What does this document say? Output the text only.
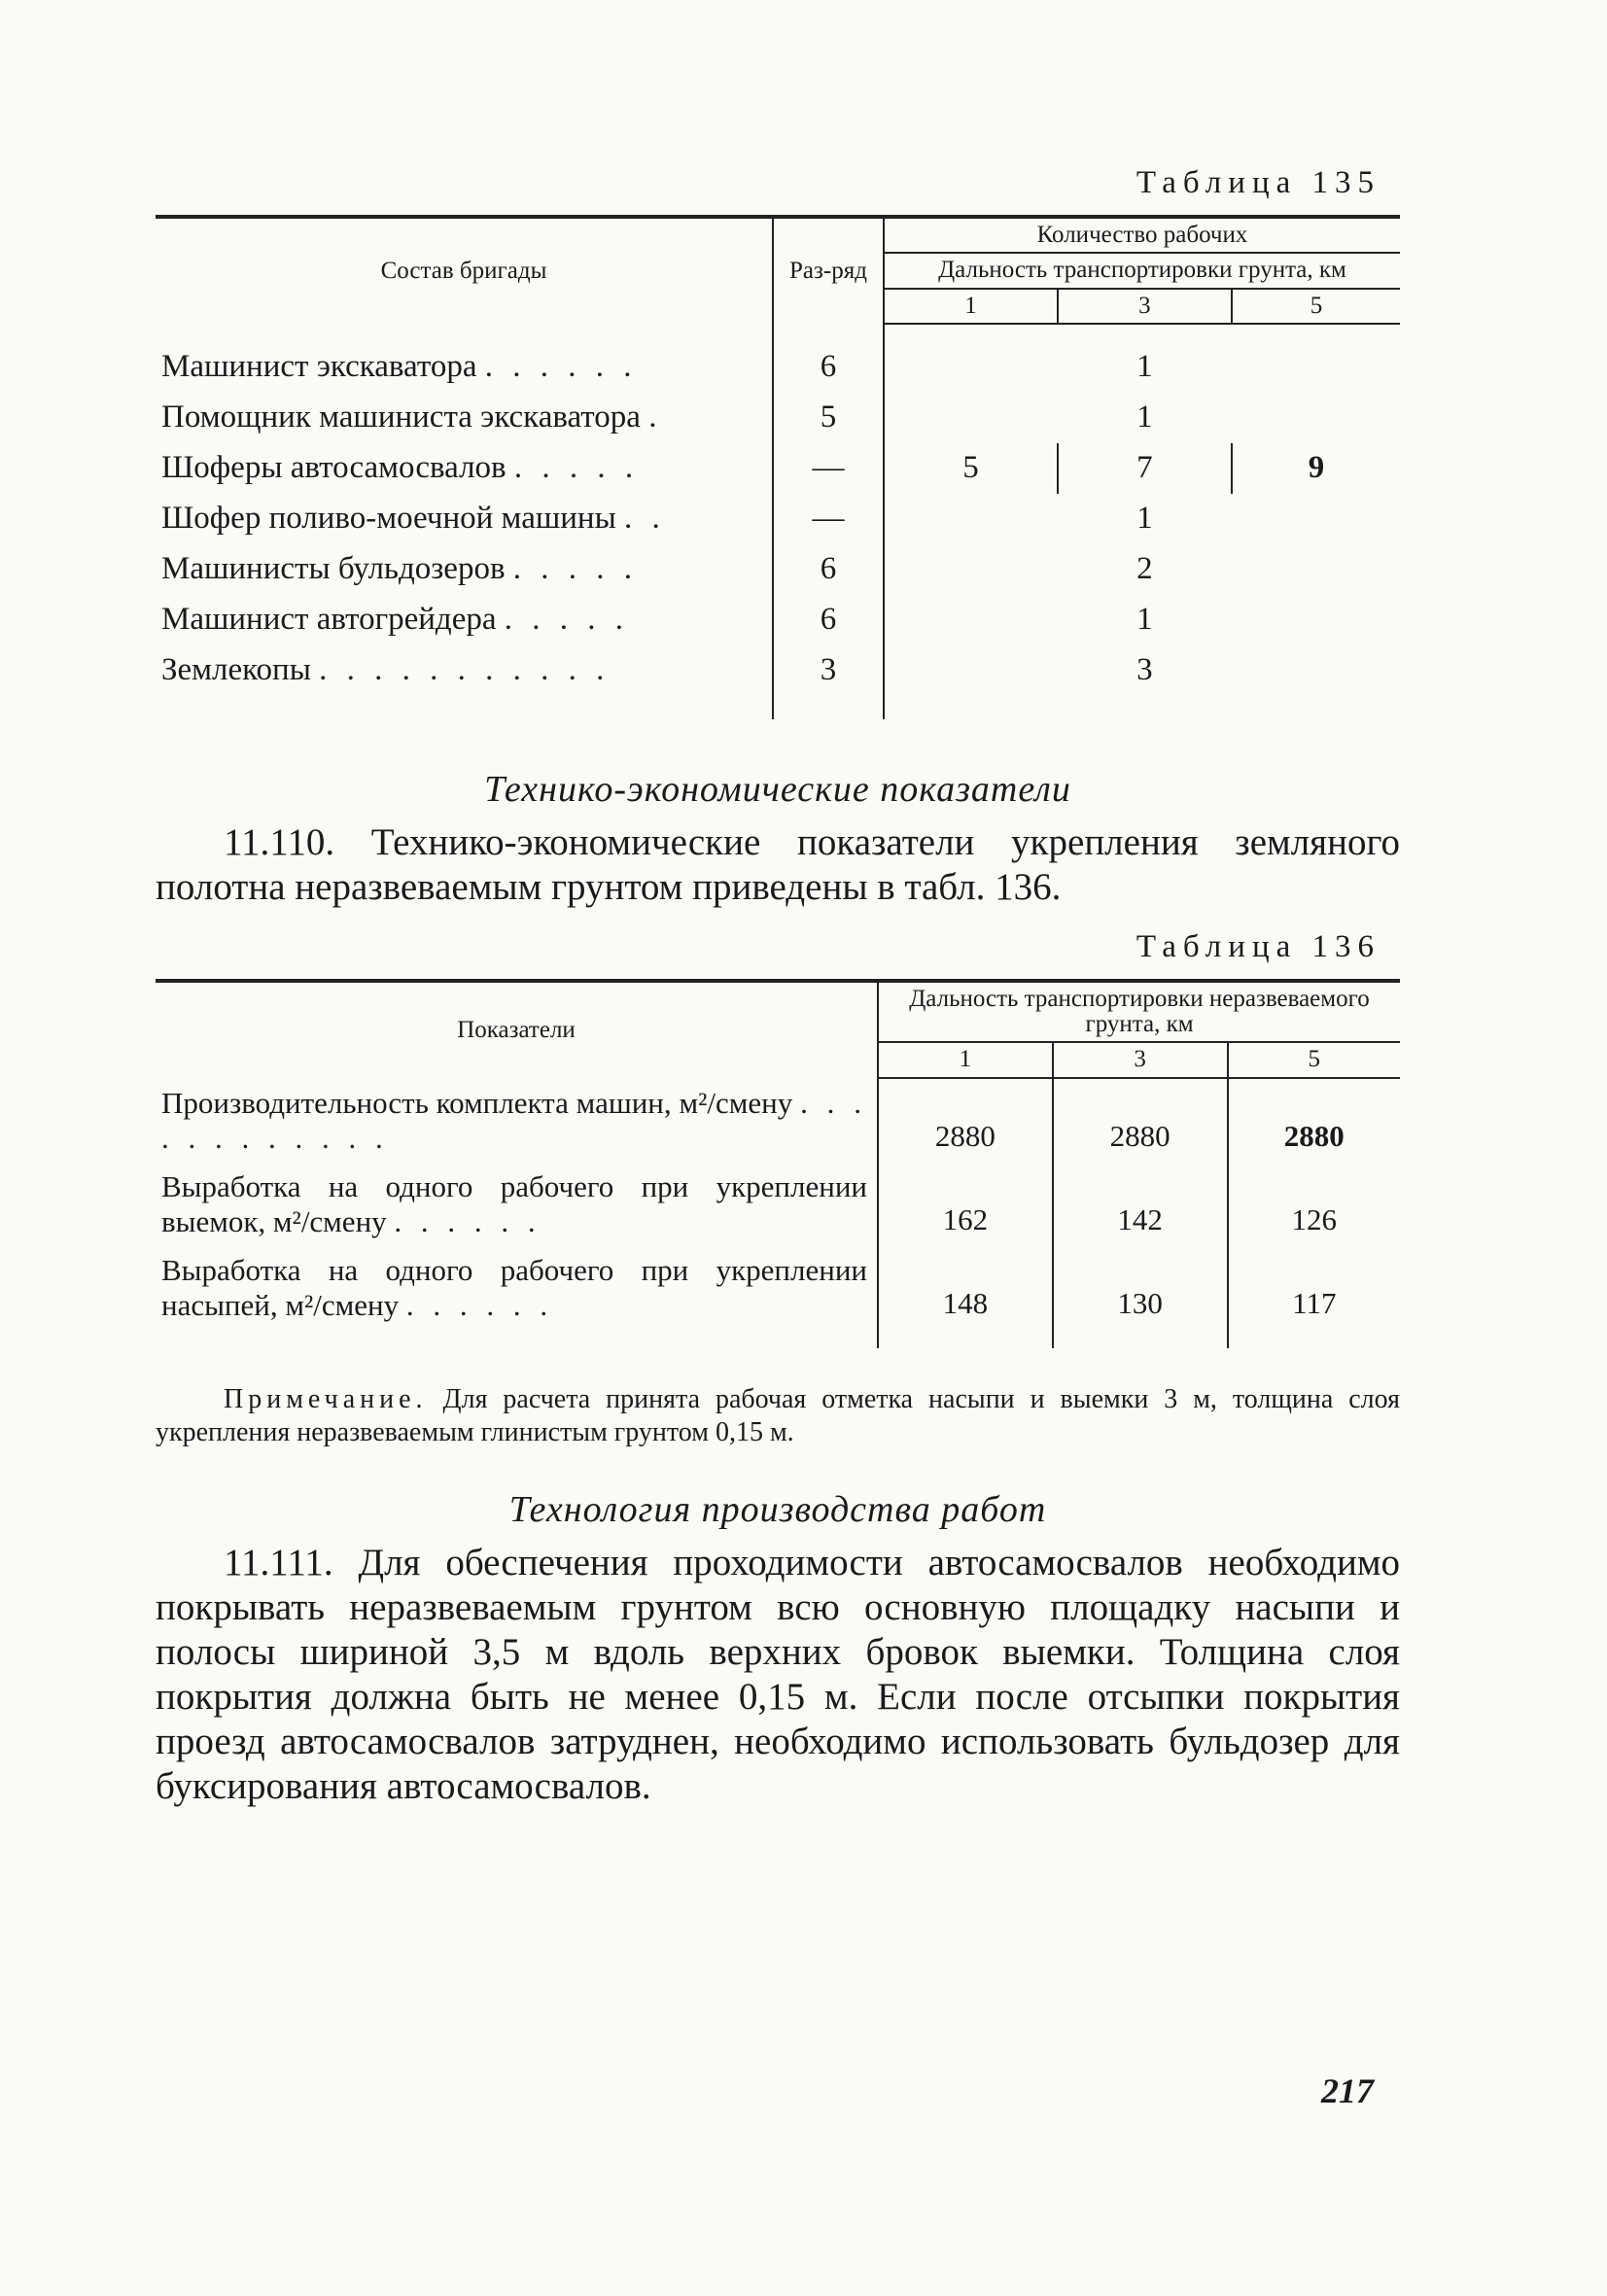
Таблица 135
Состав бригады	Раз-ряд	Количество рабочих		
		Дальность транспортировки грунта, км		
		1	3	5

Машинист экскаватора . . . . . .	6		1	
Помощник машиниста экскаватора .	5		1	
Шоферы автосамосвалов . . . . .	—	5	7	9
Шофер поливо-моечной машины . .	—		1	
Машинисты бульдозеров . . . . .	6		2	
Машинист автогрейдера . . . . .	6		1	
Землекопы . . . . . . . . . . .	3		3	

Технико-экономические показатели

11.110. Технико-экономические показатели укрепления земляного полотна неразвеваемым грунтом приведены в табл. 136.

Таблица 136
Показатели	Дальность транспортировки неразвеваемого грунта, км		
	1	3	5
Производительность комплекта машин, м²/смену . . . . . . . . . . . .	2880	2880	2880
Выработка на одного рабочего при укреплении выемок, м²/смену . . . . . .	162	142	126
Выработка на одного рабочего при укреплении насыпей, м²/смену . . . . . .	148	130	117

Примечание. Для расчета принята рабочая отметка насыпи и выемки 3 м, толщина слоя укрепления неразвеваемым глинистым грунтом 0,15 м.

Технология производства работ

11.111. Для обеспечения проходимости автосамосвалов необходимо покрывать неразвеваемым грунтом всю основную площадку насыпи и полосы шириной 3,5 м вдоль верхних бровок выемки. Толщина слоя покрытия должна быть не менее 0,15 м. Если после отсыпки покрытия проезд автосамосвалов затруднен, необходимо использовать бульдозер для буксирования автосамосвалов.

217
